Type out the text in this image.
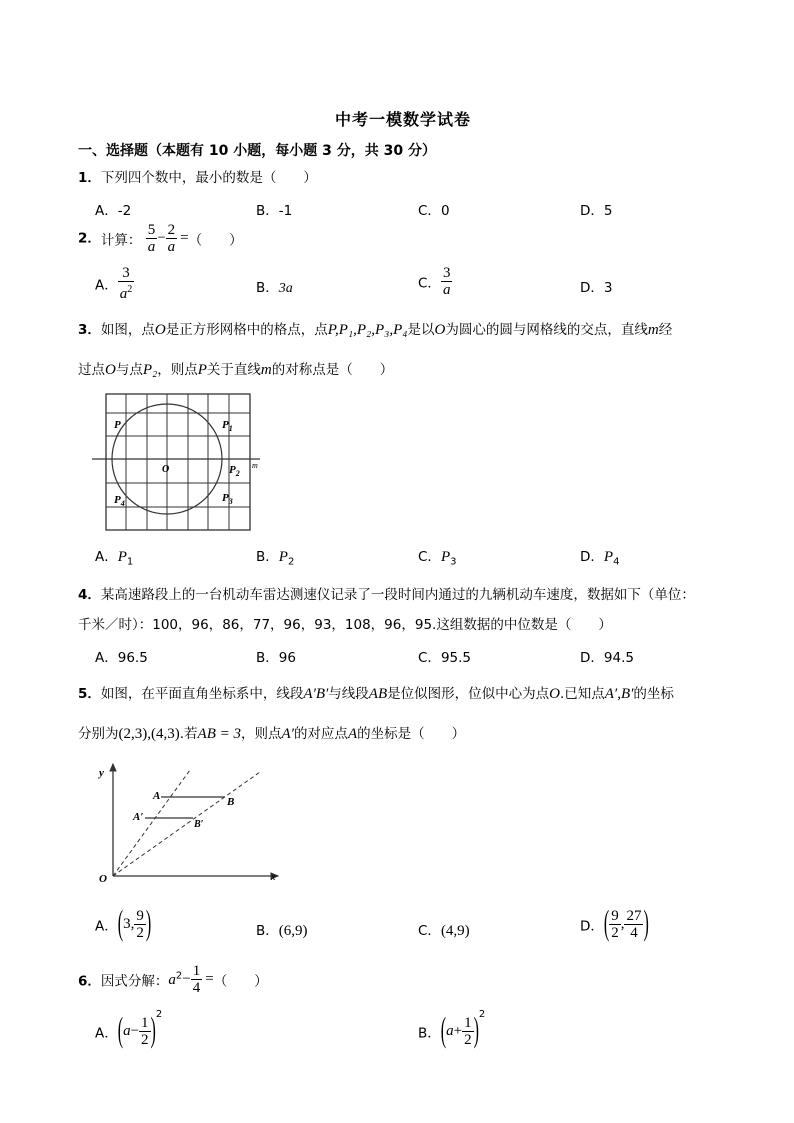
中考一模数学试卷
一、选择题（本题有 10 小题，每小题 3 分，共 30 分）
1．下列四个数中，最小的数是（　　）
A．-2	B．-1	C．0	D．5
2．计算： $\frac{5}{a} - \frac{2}{a}$ =（　　）
A． $\frac{3}{a^2}$	B．3a	C． $\frac{3}{a}$	D．3
3．如图，点O是正方形网格中的格点，点P,P₁,P₂,P₃,P₄是以O为圆心的圆与网格线的交点，直线m经
过点O与点P₂，则点P关于直线m的对称点是（　　）
P	$P_1$
O	$P_2$
m
$P_4$	$P_3$
A．$P_1$	B．$P_2$	C．$P_3$	D．$P_4$
4．某高速路段上的一台机动车雷达测速仪记录了一段时间内通过的九辆机动车速度，数据如下（单位：
千米／时）：100，96，86，77，96，93，108，96，95.这组数据的中位数是（　　）
A．96.5	B．96	C．95.5	D．94.5
5．如图，在平面直角坐标系中，线段A′B′与线段AB是位似图形，位似中心为点O.已知点A′,B′的坐标
分别为(2,3),(4,3).若AB = 3，则点A′的对应点A的坐标是（　　）
y
x
O
A	B
A′
B′
A．(3, $\frac{9}{2}$ )	B．(6,9)	C．(4,9)	D．( $\frac{9}{2}$ , $\frac{27}{4}$ )
6．因式分解：$a^2- \frac{1}{4}$ =（　　）
A．$(a- \frac{1}{2} )^2$
B．$(a+ \frac{1}{2} )^2$
